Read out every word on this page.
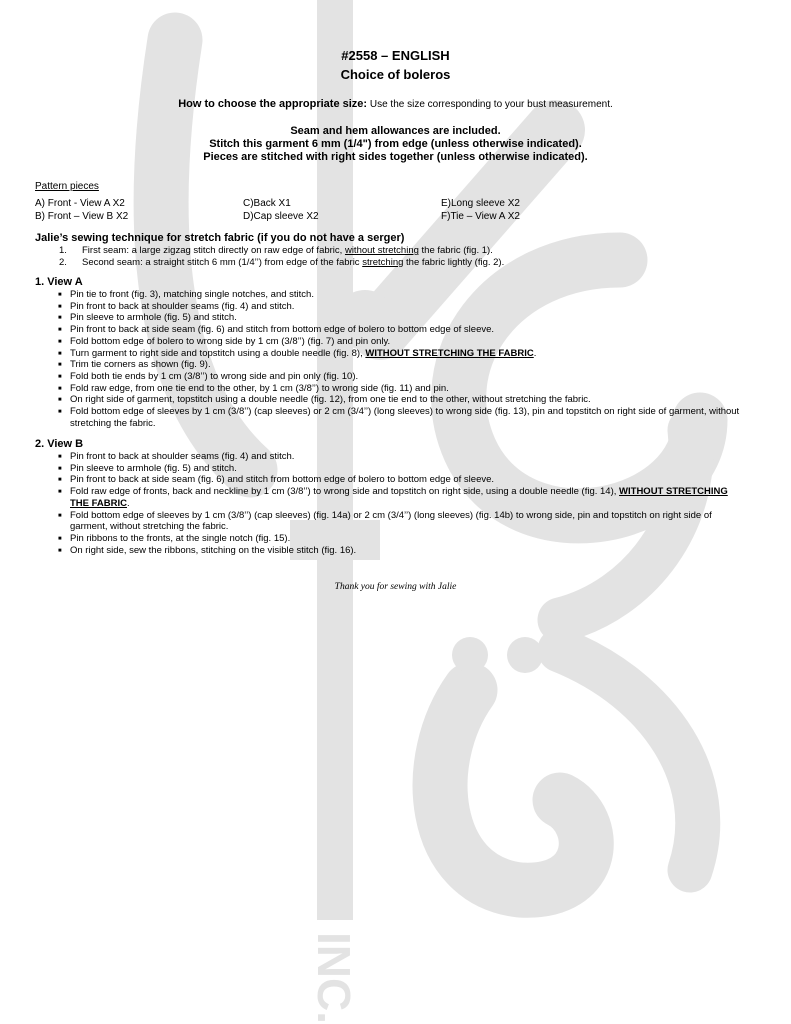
INC.
#2558 – ENGLISH
Choice of boleros
How to choose the appropriate size: Use the size corresponding to your bust measurement.
Seam and hem allowances are included.
Stitch this garment 6 mm (1/4") from edge (unless otherwise indicated).
Pieces are stitched with right sides together (unless otherwise indicated).
Pattern pieces
A) Front - View A X2
B) Front – View B X2
C)Back X1
D)Cap sleeve X2
E)Long sleeve X2
F)Tie – View A X2
Jalie’s sewing technique for stretch fabric (if you do not have a serger)
1. First seam: a large zigzag stitch directly on raw edge of fabric, without stretching the fabric (fig. 1).
2. Second seam: a straight stitch 6 mm (1/4’’) from edge of the fabric stretching the fabric lightly (fig. 2).
1. View A
■ Pin tie to front (fig. 3), matching single notches, and stitch.
■ Pin front to back at shoulder seams (fig. 4) and stitch.
■ Pin sleeve to armhole (fig. 5) and stitch.
■ Pin front to back at side seam (fig. 6) and stitch from bottom edge of bolero to bottom edge of sleeve.
■ Fold bottom edge of bolero to wrong side by 1 cm (3/8’’) (fig. 7) and pin only.
■ Turn garment to right side and topstitch using a double needle (fig. 8), WITHOUT STRETCHING THE FABRIC.
■ Trim tie corners as shown (fig. 9).
■ Fold both tie ends by 1 cm (3/8’’) to wrong side and pin only (fig. 10).
■ Fold raw edge, from one tie end to the other, by 1 cm (3/8’’) to wrong side (fig. 11) and pin.
■ On right side of garment, topstitch using a double needle (fig. 12), from one tie end to the other, without stretching the fabric.
■ Fold bottom edge of sleeves by 1 cm (3/8’’) (cap sleeves) or 2 cm (3/4’’) (long sleeves) to wrong side (fig. 13), pin and topstitch on right side of garment, without stretching the fabric.
2. View B
■ Pin front to back at shoulder seams (fig. 4) and stitch.
■ Pin sleeve to armhole (fig. 5) and stitch.
■ Pin front to back at side seam (fig. 6) and stitch from bottom edge of bolero to bottom edge of sleeve.
■ Fold raw edge of fronts, back and neckline by 1 cm (3/8’’) to wrong side and topstitch on right side, using a double needle (fig. 14), WITHOUT STRETCHING THE FABRIC.
■ Fold bottom edge of sleeves by 1 cm (3/8’’) (cap sleeves) (fig. 14a) or 2 cm (3/4’’) (long sleeves) (fig. 14b) to wrong side, pin and topstitch on right side of garment, without stretching the fabric.
■ Pin ribbons to the fronts, at the single notch (fig. 15).
■ On right side, sew the ribbons, stitching on the visible stitch (fig. 16).
Thank you for sewing with Jalie
